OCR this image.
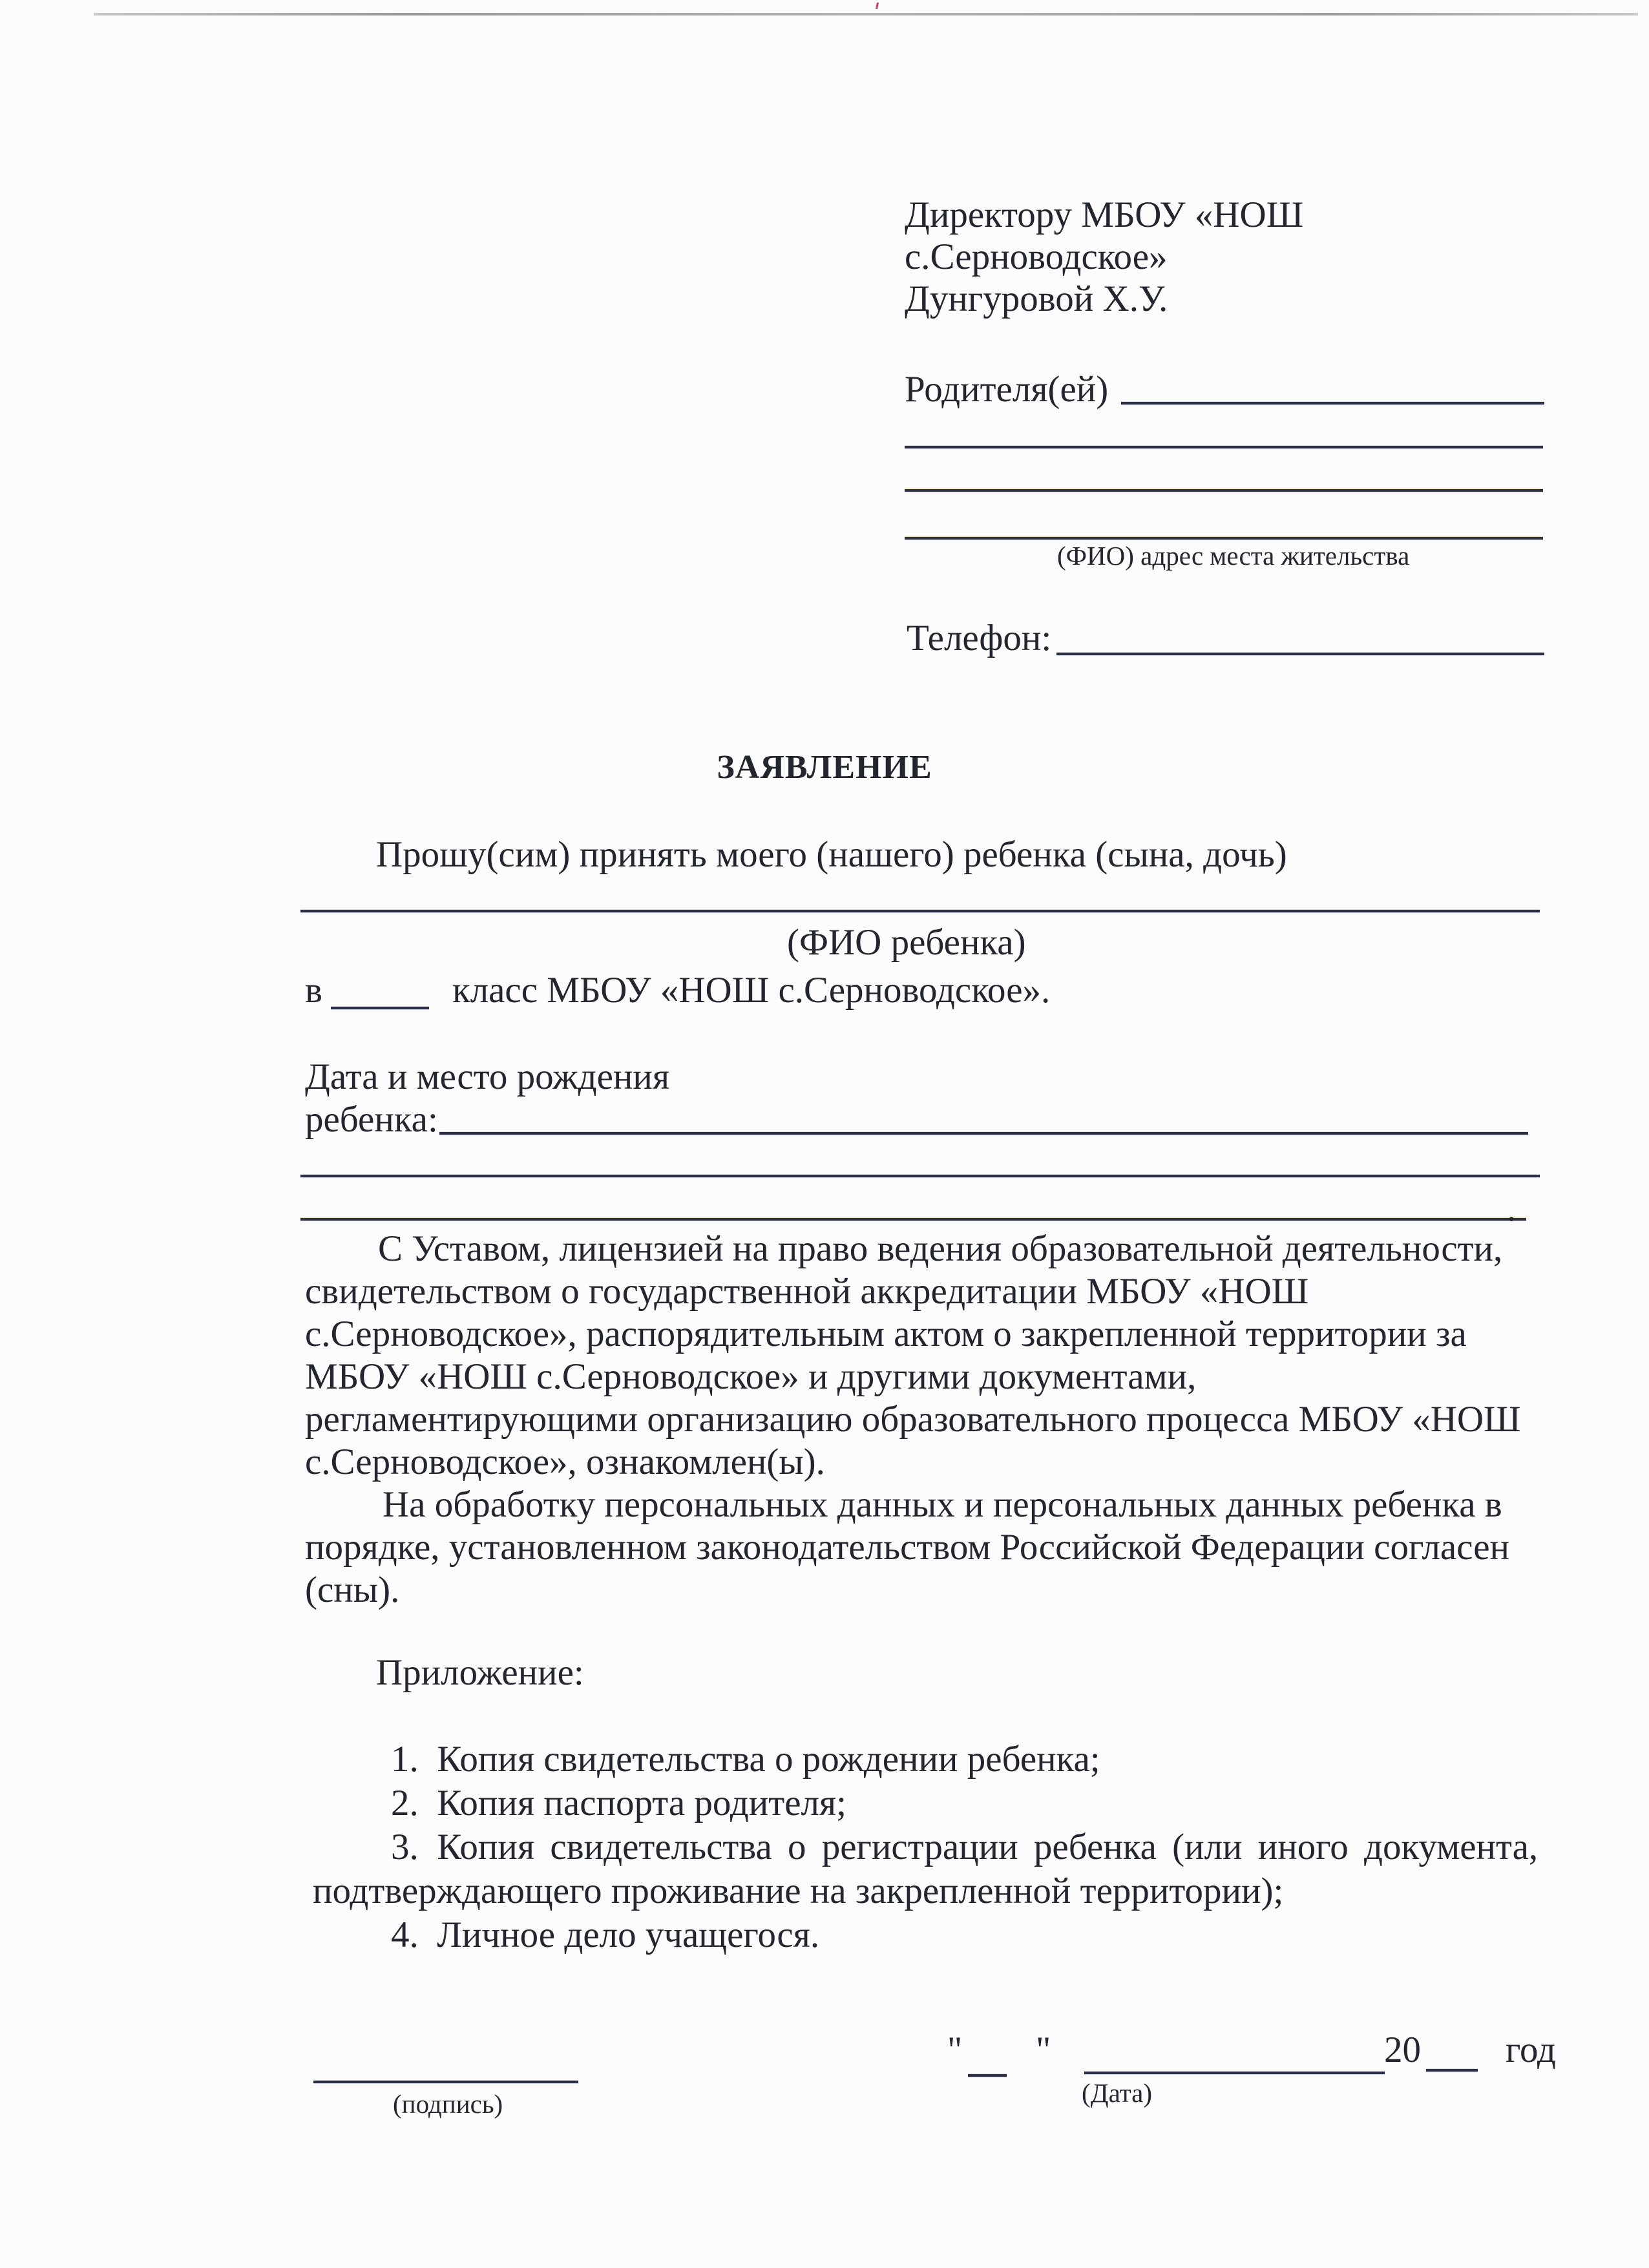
Директору МБОУ «НОШ
с.Серноводское»
Дунгуровой Х.У.
Родителя(ей)
(ФИО) адрес места жительства
Телефон:
ЗАЯВЛЕНИЕ
Прошу(сим) принять моего (нашего) ребенка (сына, дочь)
(ФИО ребенка)
в	класс МБОУ «НОШ с.Серноводское».
Дата и место рождения
ребенка:
.
С Уставом, лицензией на право ведения образовательной деятельности,
свидетельством о государственной аккредитации МБОУ «НОШ
с.Серноводское», распорядительным актом о закрепленной территории за
МБОУ «НОШ с.Серноводское» и другими документами,
регламентирующими организацию образовательного процесса МБОУ «НОШ
с.Серноводское», ознакомлен(ы).
На обработку персональных данных и персональных данных ребенка в
порядке, установленном законодательством Российской Федерации согласен
(сны).
Приложение:
1. Копия свидетельства о рождении ребенка;
2. Копия паспорта родителя;
3. Копия свидетельства о регистрации ребенка (или иного документа,
подтверждающего проживание на закрепленной территории);
4. Личное дело учащегося.
(подпись)
" "	20 год
(Дата)
